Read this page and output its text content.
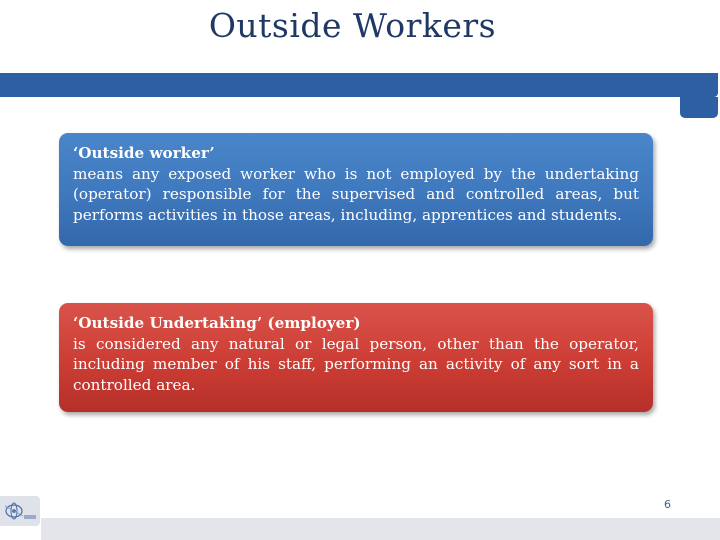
Outside Workers
‘Outside worker’
means any exposed worker who is not employed by the undertaking (operator) responsible for the supervised and controlled areas, but performs activities in those areas, including, apprentices and students.
‘Outside Undertaking’ (employer)
is considered any natural or legal person, other than the operator, including member of his staff, performing an activity of any sort in a controlled area.
6
